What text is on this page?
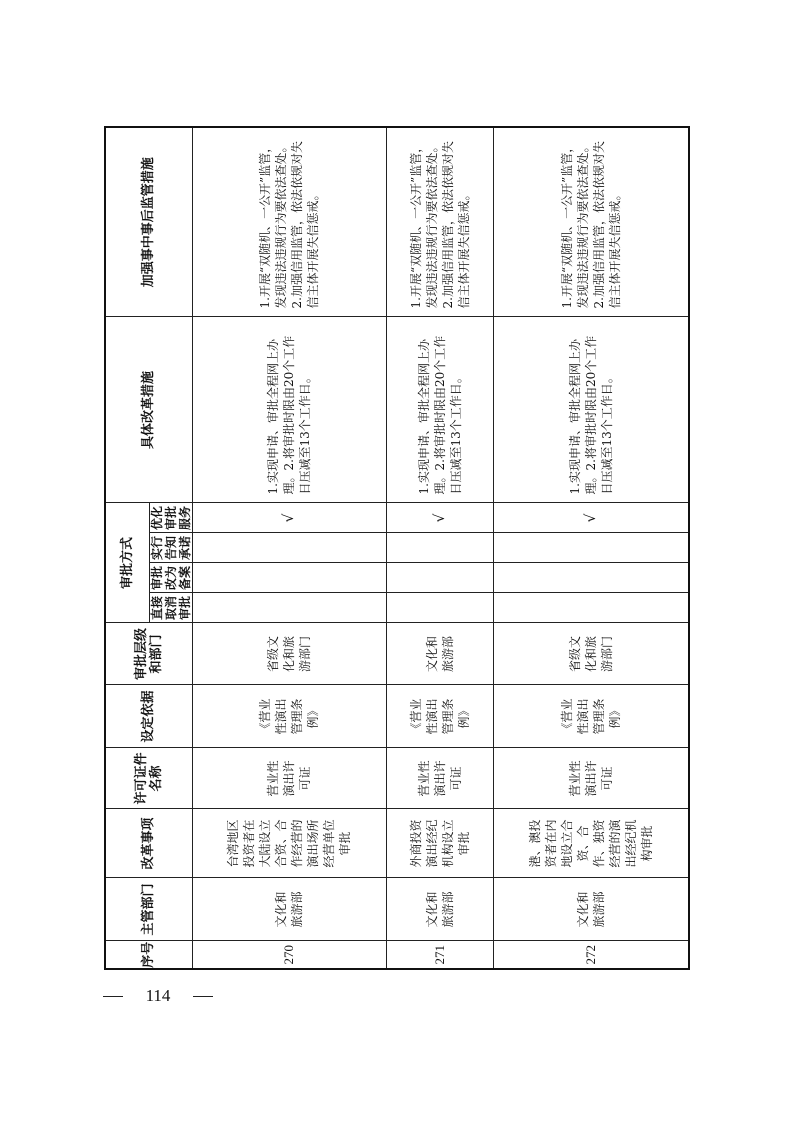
序号	主管部门	改革事项	许可证件名称	设定依据	审批层级和部门	审批方式				具体改革措施	加强事中事后监管措施
						直接取消审批	审批改为备案	实行告知承诺	优化审批服务		
270	文化和旅游部	台湾地区投资者在大陆设立合资、合作经营的演出场所经营单位审批	营业性演出许可证	《营业性演出管理条例》	省级文化和旅游部门				√	1.实现申请、审批全程网上办理。2.将审批时限由20个工作日压减至13个工作日。	1.开展“双随机、一公开”监管，发现违法违规行为要依法查处。2.加强信用监管，依法依规对失信主体开展失信惩戒。
271	文化和旅游部	外商投资演出经纪机构设立审批	营业性演出许可证	《营业性演出管理条例》	文化和旅游部				√	1.实现申请、审批全程网上办理。2.将审批时限由20个工作日压减至13个工作日。	1.开展“双随机、一公开”监管，发现违法违规行为要依法查处。2.加强信用监管，依法依规对失信主体开展失信惩戒。
272	文化和旅游部	港、澳投资者在内地设立合资、合作、独资经营的演出经纪机构审批	营业性演出许可证	《营业性演出管理条例》	省级文化和旅游部门				√	1.实现申请、审批全程网上办理。2.将审批时限由20个工作日压减至13个工作日。	1.开展“双随机、一公开”监管，发现违法违规行为要依法查处。2.加强信用监管，依法依规对失信主体开展失信惩戒。
114
